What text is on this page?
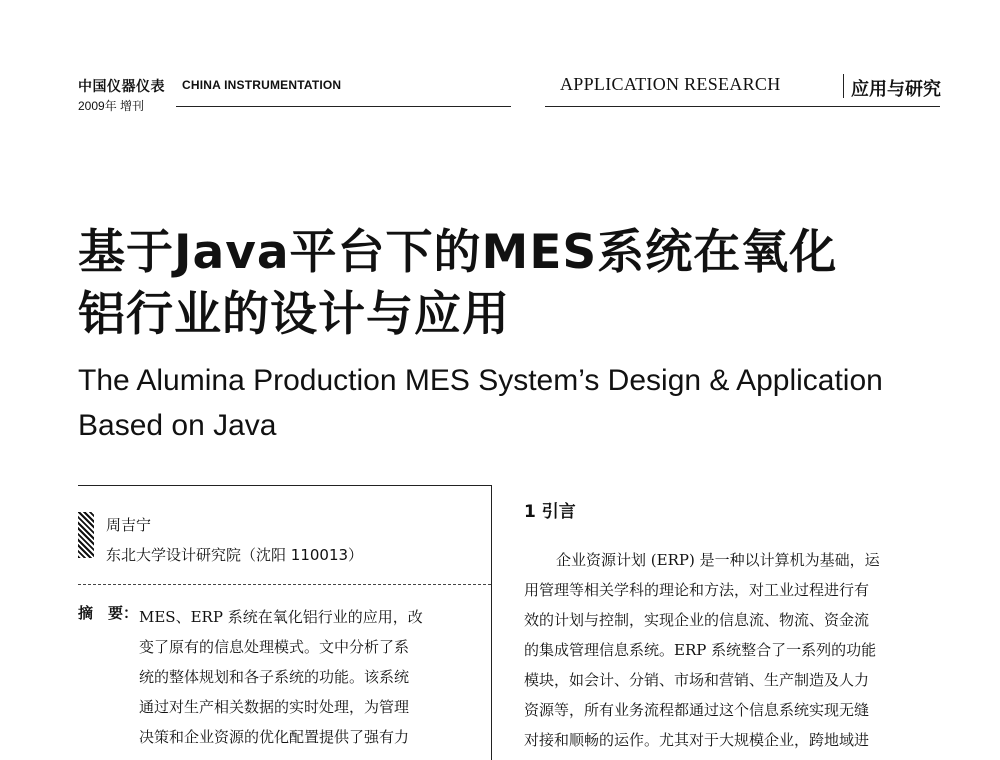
中国仪器仪表 CHINA INSTRUMENTATION
2009年 增刊
APPLICATION RESEARCH	应用与研究
基于Java平台下的MES系统在氧化
铝行业的设计与应用
The Alumina Production MES System’s Design & Application
Based on Java
周吉宁
东北大学设计研究院（沈阳 110013）
摘　要： MES、ERP 系统在氧化铝行业的应用，改
变了原有的信息处理模式。文中分析了系
统的整体规划和各子系统的功能。该系统
通过对生产相关数据的实时处理，为管理
决策和企业资源的优化配置提供了强有力
1 引言
企业资源计划 (ERP) 是一种以计算机为基础，运
用管理等相关学科的理论和方法，对工业过程进行有
效的计划与控制，实现企业的信息流、物流、资金流
的集成管理信息系统。ERP 系统整合了一系列的功能
模块，如会计、分销、市场和营销、生产制造及人力
资源等，所有业务流程都通过这个信息系统实现无缝
对接和顺畅的运作。尤其对于大规模企业，跨地域进
